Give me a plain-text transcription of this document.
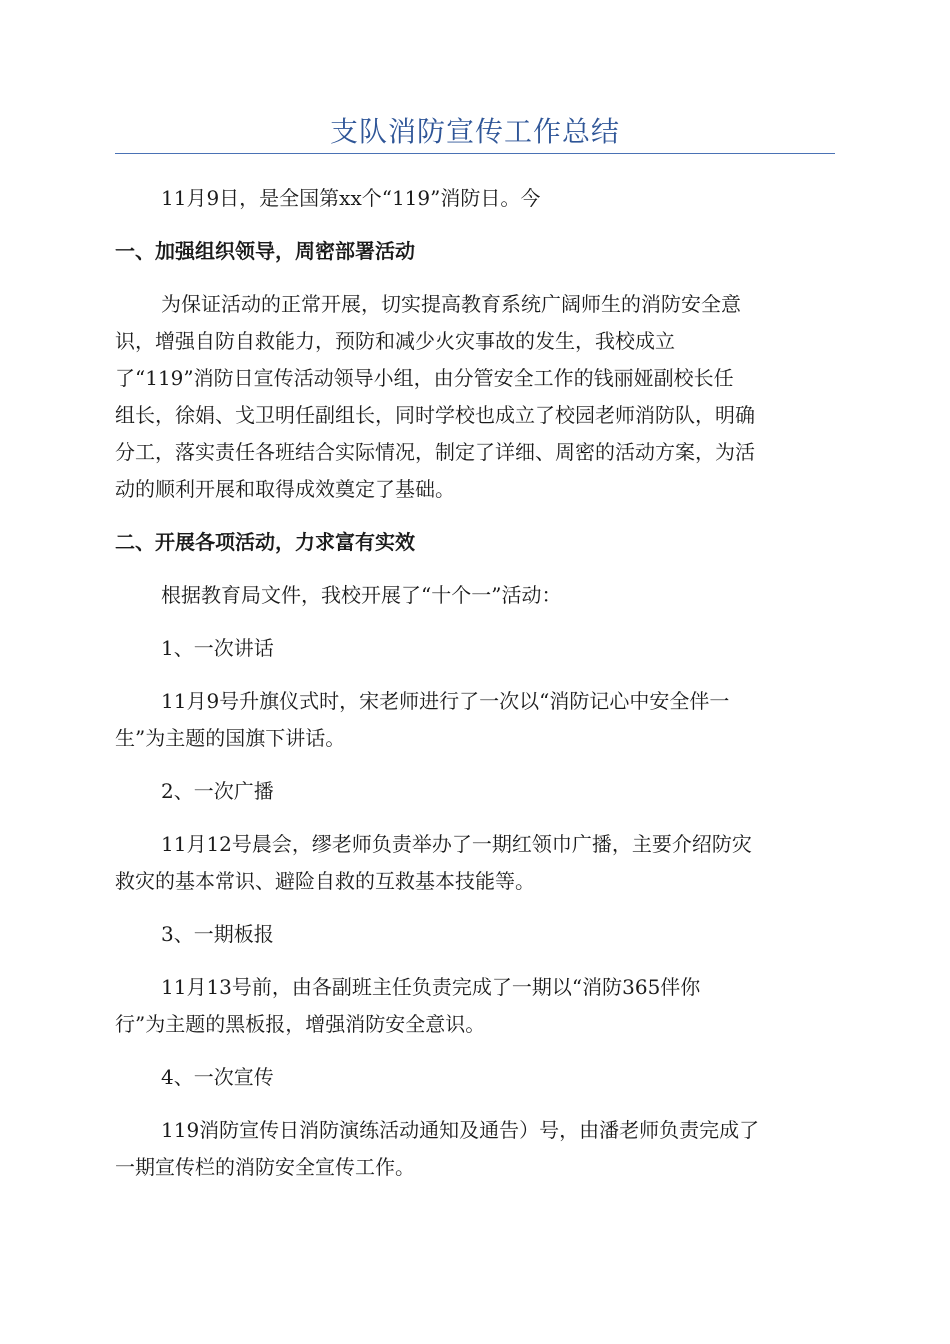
支队消防宣传工作总结

11月9日，是全国第xx个“119”消防日。今

一、加强组织领导，周密部署活动

为保证活动的正常开展，切实提高教育系统广阔师生的消防安全意
识，增强自防自救能力，预防和减少火灾事故的发生，我校成立
了“119”消防日宣传活动领导小组，由分管安全工作的钱丽娅副校长任
组长，徐娟、戈卫明任副组长，同时学校也成立了校园老师消防队，明确
分工，落实责任各班结合实际情况，制定了详细、周密的活动方案，为活
动的顺利开展和取得成效奠定了基础。

二、开展各项活动，力求富有实效

根据教育局文件，我校开展了“十个一”活动：

1、一次讲话

11月9号升旗仪式时，宋老师进行了一次以“消防记心中安全伴一
生”为主题的国旗下讲话。

2、一次广播

11月12号晨会，缪老师负责举办了一期红领巾广播，主要介绍防灾
救灾的基本常识、避险自救的互救基本技能等。

3、一期板报

11月13号前，由各副班主任负责完成了一期以“消防365伴你
行”为主题的黑板报，增强消防安全意识。

4、一次宣传

119消防宣传日消防演练活动通知及通告）号，由潘老师负责完成了
一期宣传栏的消防安全宣传工作。
